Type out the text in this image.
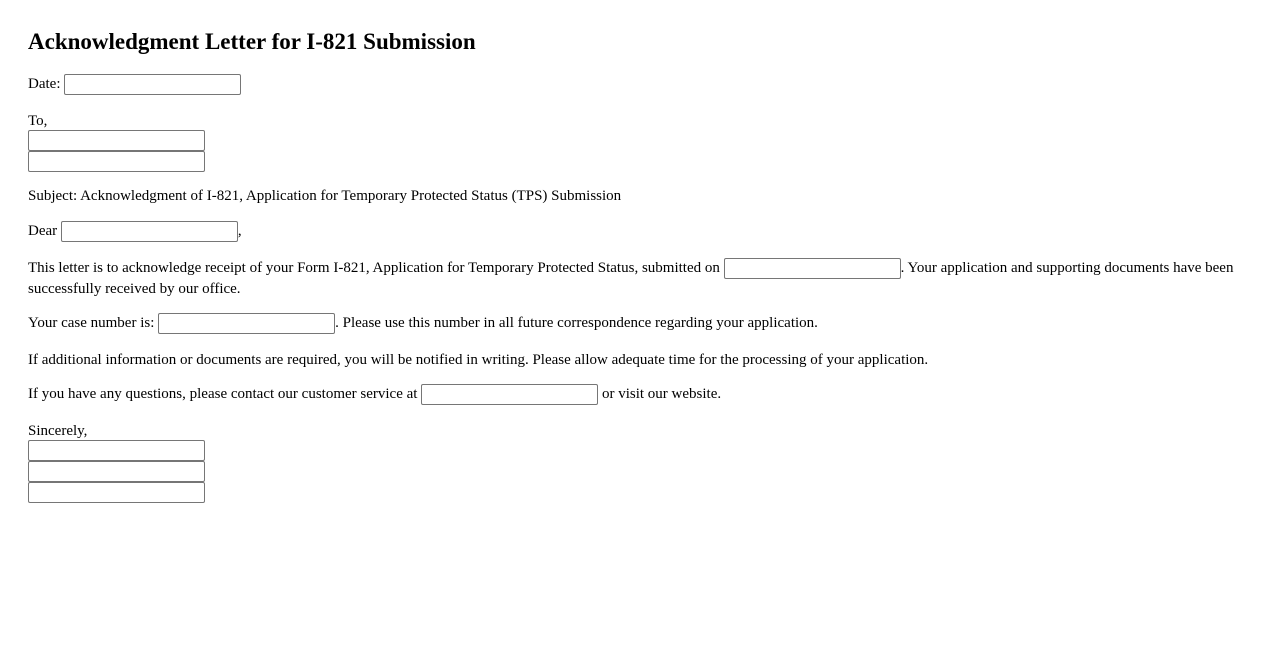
Acknowledgment Letter for I-821 Submission
Date:
To,
Subject: Acknowledgment of I-821, Application for Temporary Protected Status (TPS) Submission
Dear	,
This letter is to acknowledge receipt of your Form I-821, Application for Temporary Protected Status, submitted on	. Your application and supporting documents have been successfully received by our office.
Your case number is:	. Please use this number in all future correspondence regarding your application.
If additional information or documents are required, you will be notified in writing. Please allow adequate time for the processing of your application.
If you have any questions, please contact our customer service at	or visit our website.
Sincerely,
